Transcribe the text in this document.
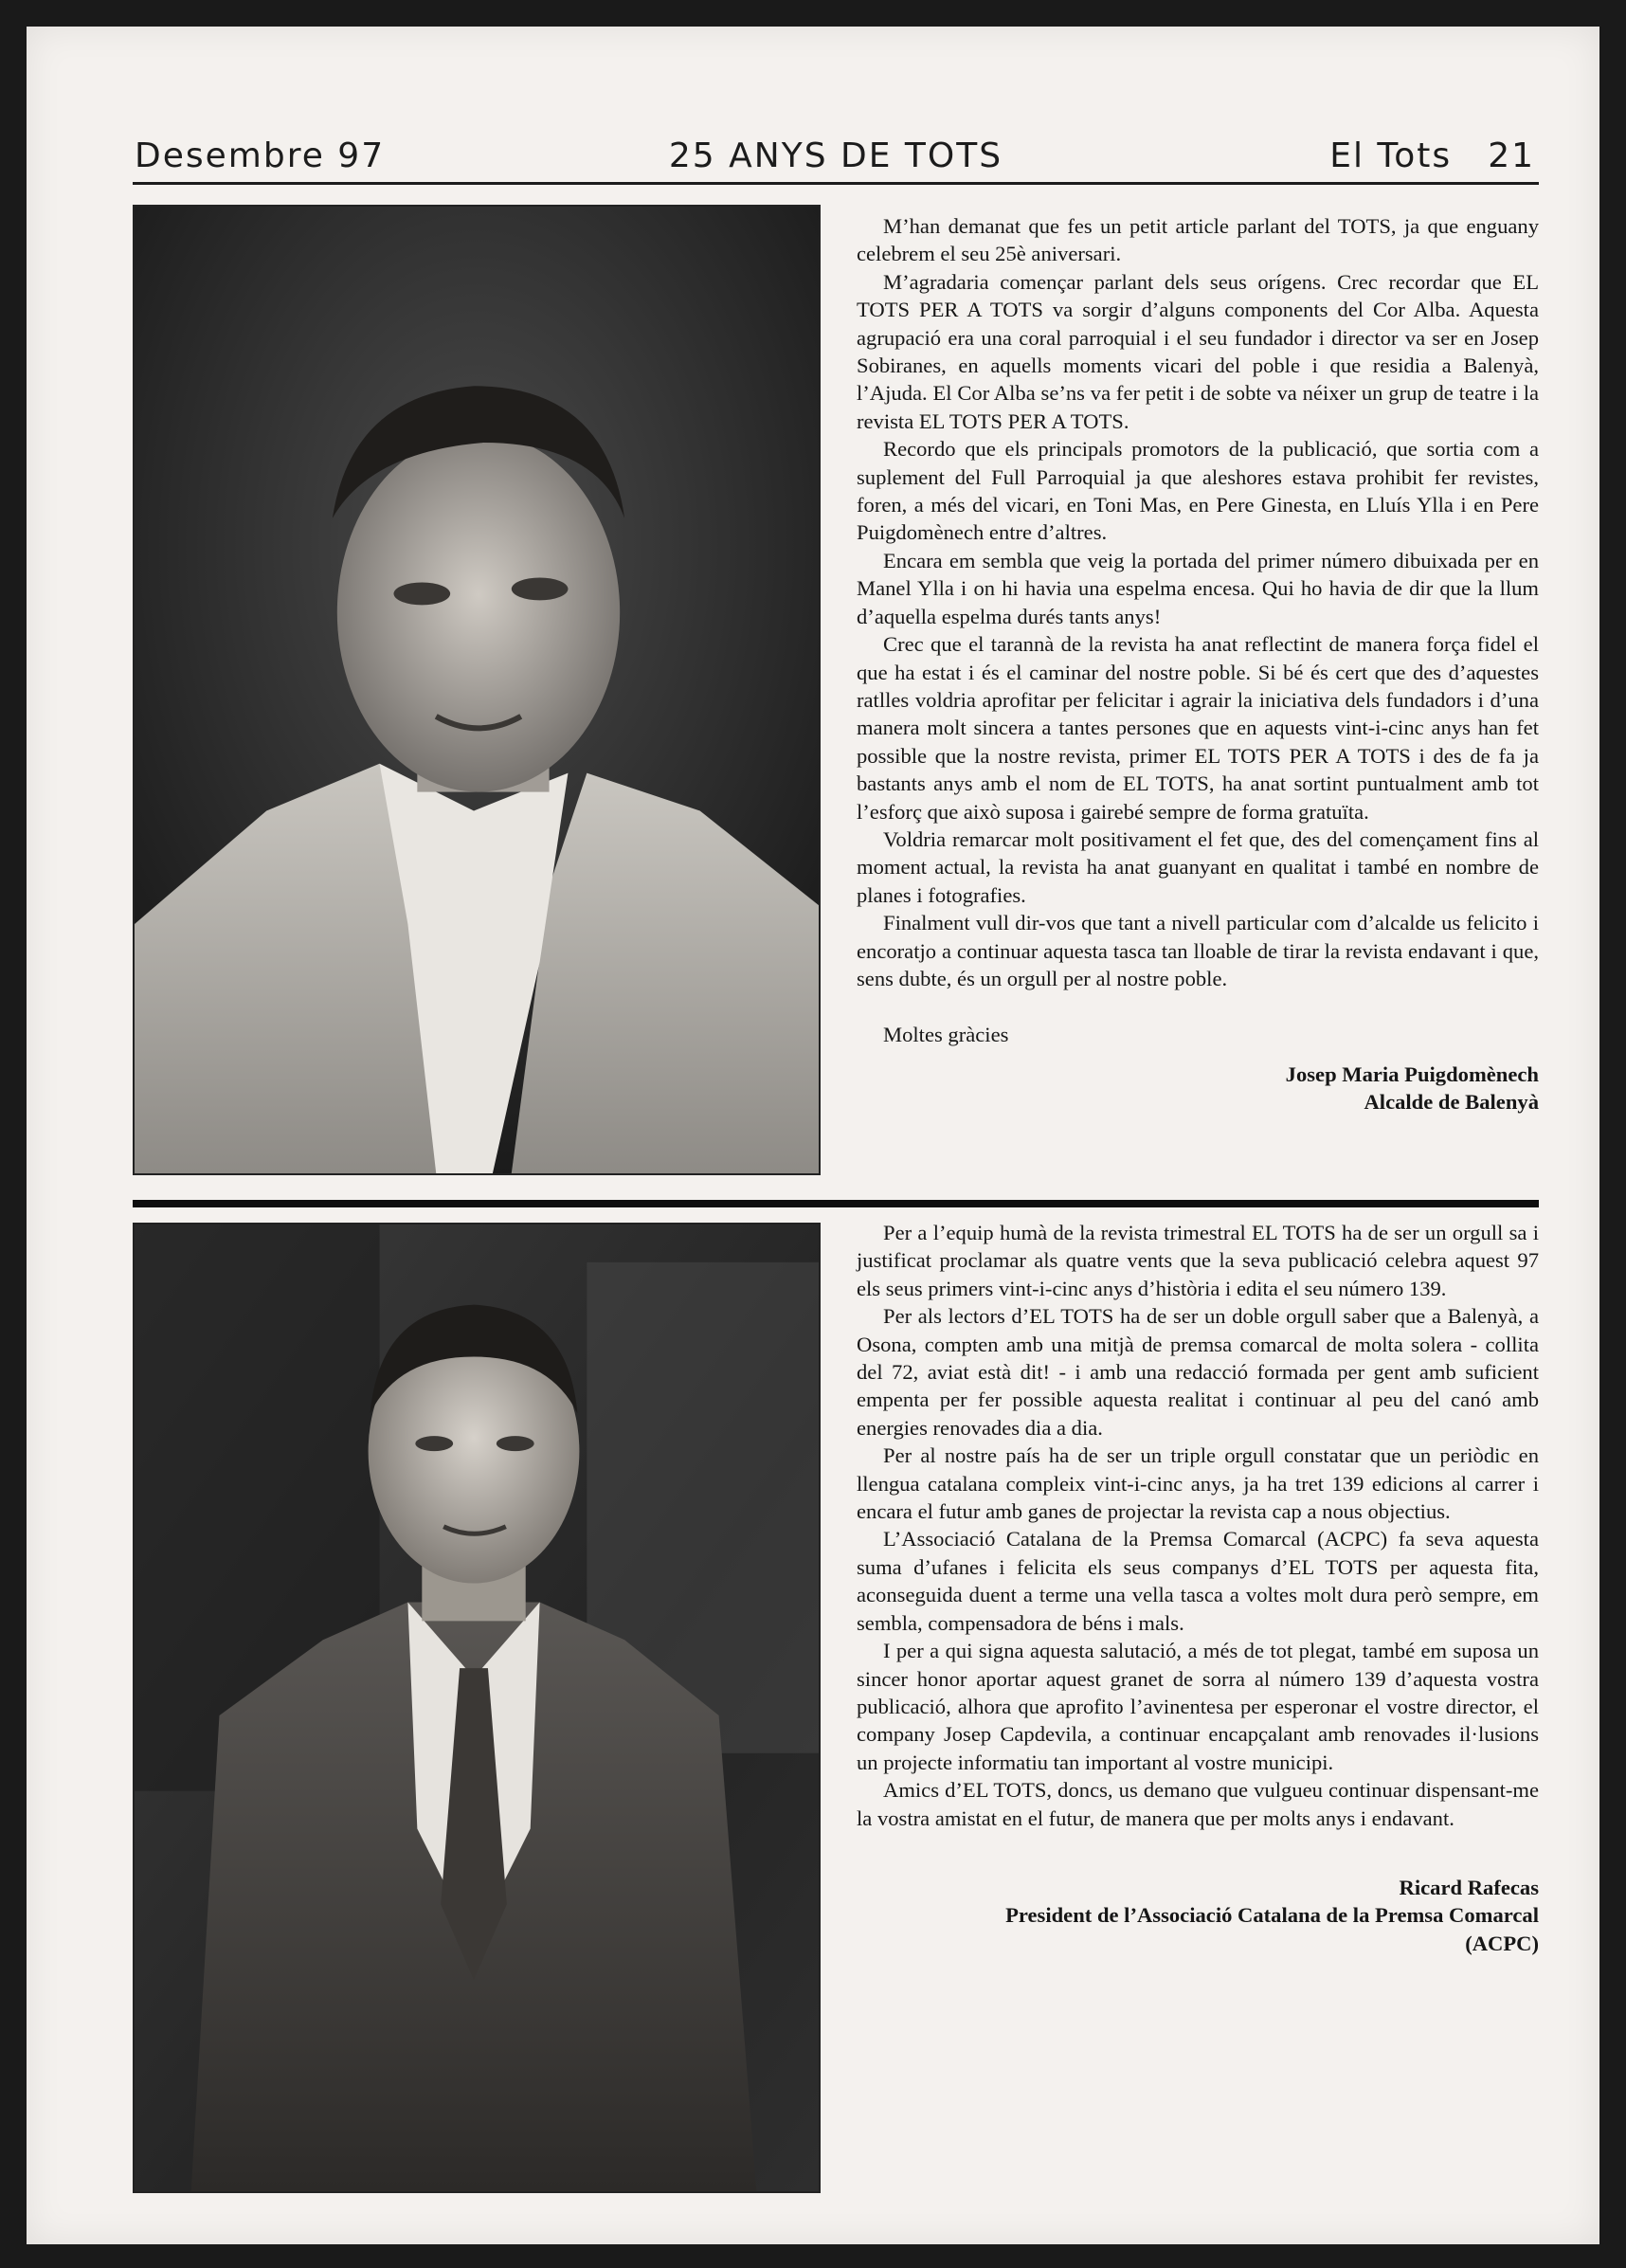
Desembre 97	25 ANYS DE TOTS	El Tots 21

M’han demanat que fes un petit article parlant del TOTS, ja que enguany celebrem el seu 25è aniversari.

M’agradaria començar parlant dels seus orígens. Crec recordar que EL TOTS PER A TOTS va sorgir d’alguns components del Cor Alba. Aquesta agrupació era una coral parroquial i el seu fundador i director va ser en Josep Sobiranes, en aquells moments vicari del poble i que residia a Balenyà, l’Ajuda. El Cor Alba se’ns va fer petit i de sobte va néixer un grup de teatre i la revista EL TOTS PER A TOTS.

Recordo que els principals promotors de la publicació, que sortia com a suplement del Full Parroquial ja que aleshores estava prohibit fer revistes, foren, a més del vicari, en Toni Mas, en Pere Ginesta, en Lluís Ylla i en Pere Puigdomènech entre d’altres.

Encara em sembla que veig la portada del primer número dibuixada per en Manel Ylla i on hi havia una espelma encesa. Qui ho havia de dir que la llum d’aquella espelma durés tants anys!

Crec que el tarannà de la revista ha anat reflectint de manera força fidel el que ha estat i és el caminar del nostre poble. Si bé és cert que des d’aquestes ratlles voldria aprofitar per felicitar i agrair la iniciativa dels fundadors i d’una manera molt sincera a tantes persones que en aquests vint-i-cinc anys han fet possible que la nostre revista, primer EL TOTS PER A TOTS i des de fa ja bastants anys amb el nom de EL TOTS, ha anat sortint puntualment amb tot l’esforç que això suposa i gairebé sempre de forma gratuïta.

Voldria remarcar molt positivament el fet que, des del començament fins al moment actual, la revista ha anat guanyant en qualitat i també en nombre de planes i fotografies.

Finalment vull dir-vos que tant a nivell particular com d’alcalde us felicito i encoratjo a continuar aquesta tasca tan lloable de tirar la revista endavant i que, sens dubte, és un orgull per al nostre poble.

Moltes gràcies

Josep Maria Puigdomènech
Alcalde de Balenyà

Per a l’equip humà de la revista trimestral EL TOTS ha de ser un orgull sa i justificat proclamar als quatre vents que la seva publicació celebra aquest 97 els seus primers vint-i-cinc anys d’història i edita el seu número 139.

Per als lectors d’EL TOTS ha de ser un doble orgull saber que a Balenyà, a Osona, compten amb una mitjà de premsa comarcal de molta solera - collita del 72, aviat està dit! - i amb una redacció formada per gent amb suficient empenta per fer possible aquesta realitat i continuar al peu del canó amb energies renovades dia a dia.

Per al nostre país ha de ser un triple orgull constatar que un periòdic en llengua catalana compleix vint-i-cinc anys, ja ha tret 139 edicions al carrer i encara el futur amb ganes de projectar la revista cap a nous objectius.

L’Associació Catalana de la Premsa Comarcal (ACPC) fa seva aquesta suma d’ufanes i felicita els seus companys d’EL TOTS per aquesta fita, aconseguida duent a terme una vella tasca a voltes molt dura però sempre, em sembla, compensadora de béns i mals.

I per a qui signa aquesta salutació, a més de tot plegat, també em suposa un sincer honor aportar aquest granet de sorra al número 139 d’aquesta vostra publicació, alhora que aprofito l’avinentesa per esperonar el vostre director, el company Josep Capdevila, a continuar encapçalant amb renovades il·lusions un projecte informatiu tan important al vostre municipi.

Amics d’EL TOTS, doncs, us demano que vulgueu continuar dispensant-me la vostra amistat en el futur, de manera que per molts anys i endavant.

Ricard Rafecas
President de l’Associació Catalana de la Premsa Comarcal
(ACPC)
